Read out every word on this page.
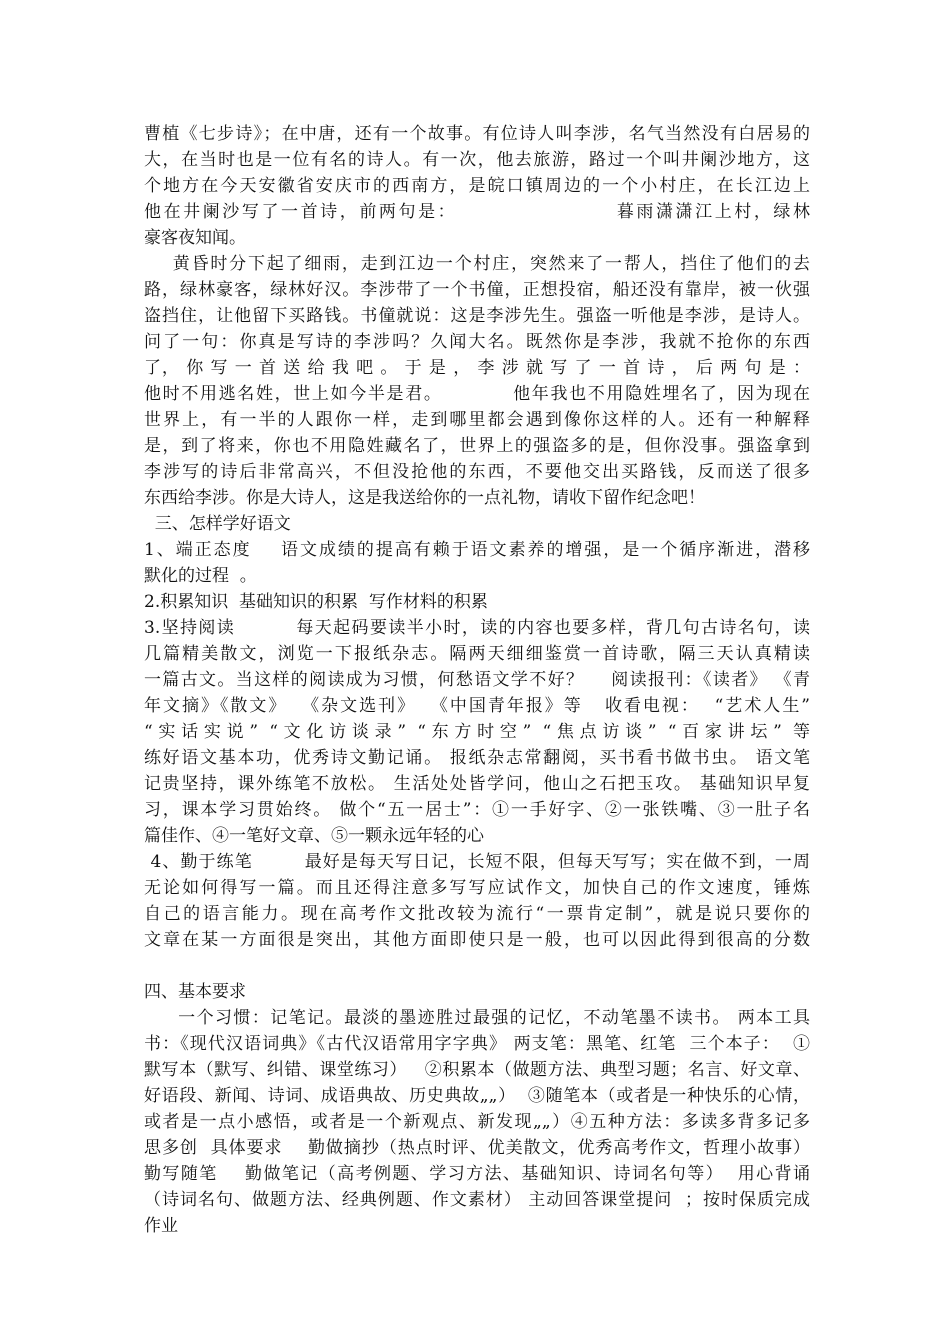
曹植《七步诗》；在中唐，还有一个故事。有位诗人叫李涉，名气当然没有白居易的
大，在当时也是一位有名的诗人。有一次，他去旅游，路过一个叫井阑沙地方，这
个地方在今天安徽省安庆市的西南方，是皖口镇周边的一个小村庄，在长江边上
他在井阑沙写了一首诗，前两句是：                    暮雨潇潇江上村，绿林
豪客夜知闻。
黄昏时分下起了细雨，走到江边一个村庄，突然来了一帮人，挡住了他们的去
路，绿林豪客，绿林好汉。李涉带了一个书僮，正想投宿，船还没有靠岸，被一伙强
盗挡住，让他留下买路钱。书僮就说：这是李涉先生。强盗一听他是李涉，是诗人。
问了一句：你真是写诗的李涉吗？久闻大名。既然你是李涉，我就不抢你的东西
了， 你 写 一 首 送 给 我 吧 。 于 是 ， 李 涉 就 写 了 一 首 诗 ， 后 两 句 是 ：
他时不用逃名姓，世上如今半是君。          他年我也不用隐姓埋名了，因为现在
世界上，有一半的人跟你一样，走到哪里都会遇到像你这样的人。还有一种解释
是，到了将来，你也不用隐姓藏名了，世界上的强盗多的是，但你没事。强盗拿到
李涉写的诗后非常高兴，不但没抢他的东西，不要他交出买路钱，反而送了很多
东西给李涉。你是大诗人，这是我送给你的一点礼物，请收下留作纪念吧！
三、怎样学好语文
1、端正态度    语文成绩的提高有赖于语文素养的增强，是一个循序渐进，潜移
默化的过程  。
2.积累知识  基础知识的积累  写作材料的积累
3.坚持阅读         每天起码要读半小时，读的内容也要多样，背几句古诗名句，读
几篇精美散文，浏览一下报纸杂志。隔两天细细鉴赏一首诗歌，隔三天认真精读
一篇古文。当这样的阅读成为习惯，何愁语文学不好？    阅读报刊：《读者》 《青
年文摘》《散文》  《杂文选刊》  《中国青年报》等   收看电视：  “艺术人生”
“实话实说” “文化访谈录” “东方时空” “焦点访谈” “百家讲坛” 等
练好语文基本功，优秀诗文勤记诵。 报纸杂志常翻阅，买书看书做书虫。 语文笔
记贵坚持，课外练笔不放松。 生活处处皆学问，他山之石把玉攻。 基础知识早复
习，课本学习贯始终。 做个“五一居士”：①一手好字、②一张铁嘴、③一肚子名
篇佳作、④一笔好文章、⑤一颗永远年轻的心
4、勤于练笔        最好是每天写日记，长短不限，但每天写写；实在做不到，一周
无论如何得写一篇。而且还得注意多写写应试作文，加快自己的作文速度，锤炼
自己的语言能力。现在高考作文批改较为流行“一票肯定制”，就是说只要你的
文章在某一方面很是突出，其他方面即使只是一般，也可以因此得到很高的分数
四、基本要求
一个习惯：记笔记。最淡的墨迹胜过最强的记忆，不动笔墨不读书。 两本工具
书：《现代汉语词典》《古代汉语常用字字典》 两支笔：黑笔、红笔  三个本子：  ①
默写本（默写、纠错、课堂练习）   ②积累本（做题方法、典型习题；名言、好文章、
好语段、新闻、诗词、成语典故、历史典故„„）  ③随笔本（或者是一种快乐的心情，
或者是一点小感悟，或者是一个新观点、新发现„„）④五种方法：多读多背多记多
思多创  具体要求    勤做摘抄（热点时评、优美散文，优秀高考作文，哲理小故事）
勤写随笔    勤做笔记（高考例题、学习方法、基础知识、诗词名句等）  用心背诵
（诗词名句、做题方法、经典例题、作文素材） 主动回答课堂提问  ；按时保质完成
作业
